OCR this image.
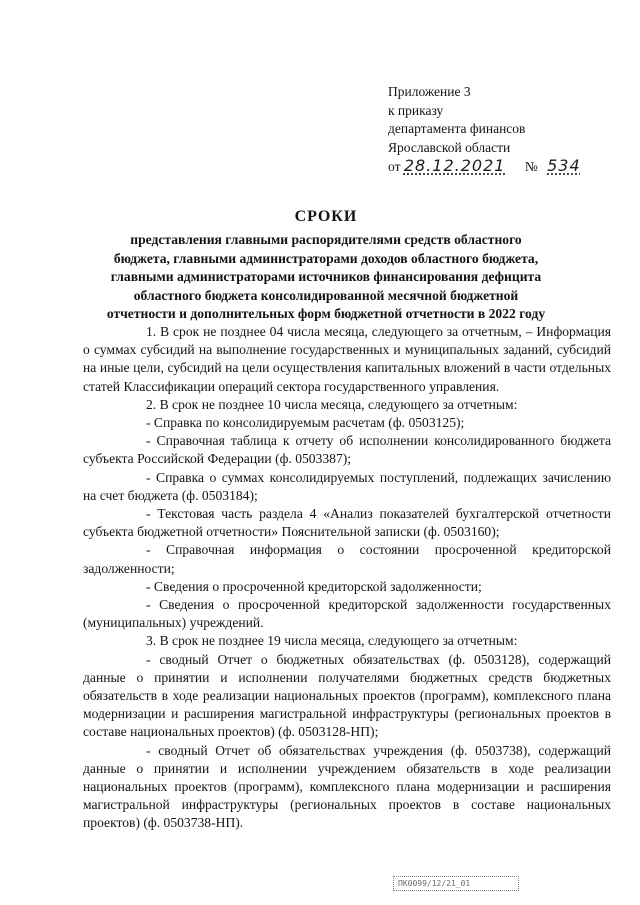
Приложение 3
к приказу
департамента финансов
Ярославской области
от 28.12.2021 № 534
СРОКИ
представления главными распорядителями средств областного бюджета, главными администраторами доходов областного бюджета, главными администраторами источников финансирования дефицита областного бюджета консолидированной месячной бюджетной отчетности и дополнительных форм бюджетной отчетности в 2022 году

1. В срок не позднее 04 числа месяца, следующего за отчетным, – Информация о суммах субсидий на выполнение государственных и муниципальных заданий, субсидий на иные цели, субсидий на цели осуществления капитальных вложений в части отдельных статей Классификации операций сектора государственного управления.

2. В срок не позднее 10 числа месяца, следующего за отчетным:

- Справка по консолидируемым расчетам (ф. 0503125);

- Справочная таблица к отчету об исполнении консолидированного бюджета субъекта Российской Федерации (ф. 0503387);

- Справка о суммах консолидируемых поступлений, подлежащих зачислению на счет бюджета (ф. 0503184);

- Текстовая часть раздела 4 «Анализ показателей бухгалтерской отчетности субъекта бюджетной отчетности» Пояснительной записки (ф. 0503160);

- Справочная информация о состоянии просроченной кредиторской задолженности;

- Сведения о просроченной кредиторской задолженности;

- Сведения о просроченной кредиторской задолженности государственных (муниципальных) учреждений.

3. В срок не позднее 19 числа месяца, следующего за отчетным:

- сводный Отчет о бюджетных обязательствах (ф. 0503128), содержащий данные о принятии и исполнении получателями бюджетных средств бюджетных обязательств в ходе реализации национальных проектов (программ), комплексного плана модернизации и расширения магистральной инфраструктуры (региональных проектов в составе национальных проектов) (ф. 0503128-НП);

- сводный Отчет об обязательствах учреждения (ф. 0503738), содержащий данные о принятии и исполнении учреждением обязательств в ходе реализации национальных проектов (программ), комплексного плана модернизации и расширения магистральной инфраструктуры (региональных проектов в составе национальных проектов) (ф. 0503738-НП).

ПК0099/12/21_01
